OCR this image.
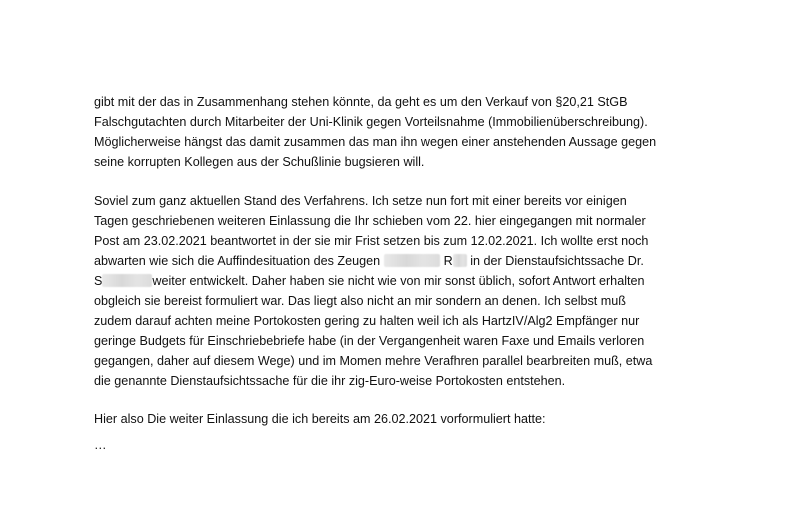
gibt mit der das in Zusammenhang stehen könnte, da geht es um den Verkauf von §20,21 StGB
Falschgutachten durch Mitarbeiter der Uni-Klinik gegen Vorteilsnahme (Immobilienüberschreibung).
Möglicherweise hängst das damit zusammen das man ihn wegen einer anstehenden Aussage gegen
seine korrupten Kollegen aus der Schußlinie bugsieren will.
Soviel zum ganz aktuellen Stand des Verfahrens. Ich setze nun fort mit einer bereits vor einigen
Tagen geschriebenen weiteren Einlassung die Ihr schieben vom 22. hier eingegangen mit normaler
Post am 23.02.2021 beantwortet in der sie mir Frist setzen bis zum 12.02.2021. Ich wollte erst noch
abwarten wie sich die Auffindesituation des Zeugen	R in der Dienstaufsichtssache Dr.
S	weiter entwickelt. Daher haben sie nicht wie von mir sonst üblich, sofort Antwort erhalten
obgleich sie bereist formuliert war. Das liegt also nicht an mir sondern an denen. Ich selbst muß
zudem darauf achten meine Portokosten gering zu halten weil ich als HartzIV/Alg2 Empfänger nur
geringe Budgets für Einschriebebriefe habe (in der Vergangenheit waren Faxe und Emails verloren
gegangen, daher auf diesem Wege) und im Momen mehre Verafhren parallel bearbreiten muß, etwa
die genannte Dienstaufsichtssache für die ihr zig-Euro-weise Portokosten entstehen.
Hier also Die weiter Einlassung die ich bereits am 26.02.2021 vorformuliert hatte:
…
